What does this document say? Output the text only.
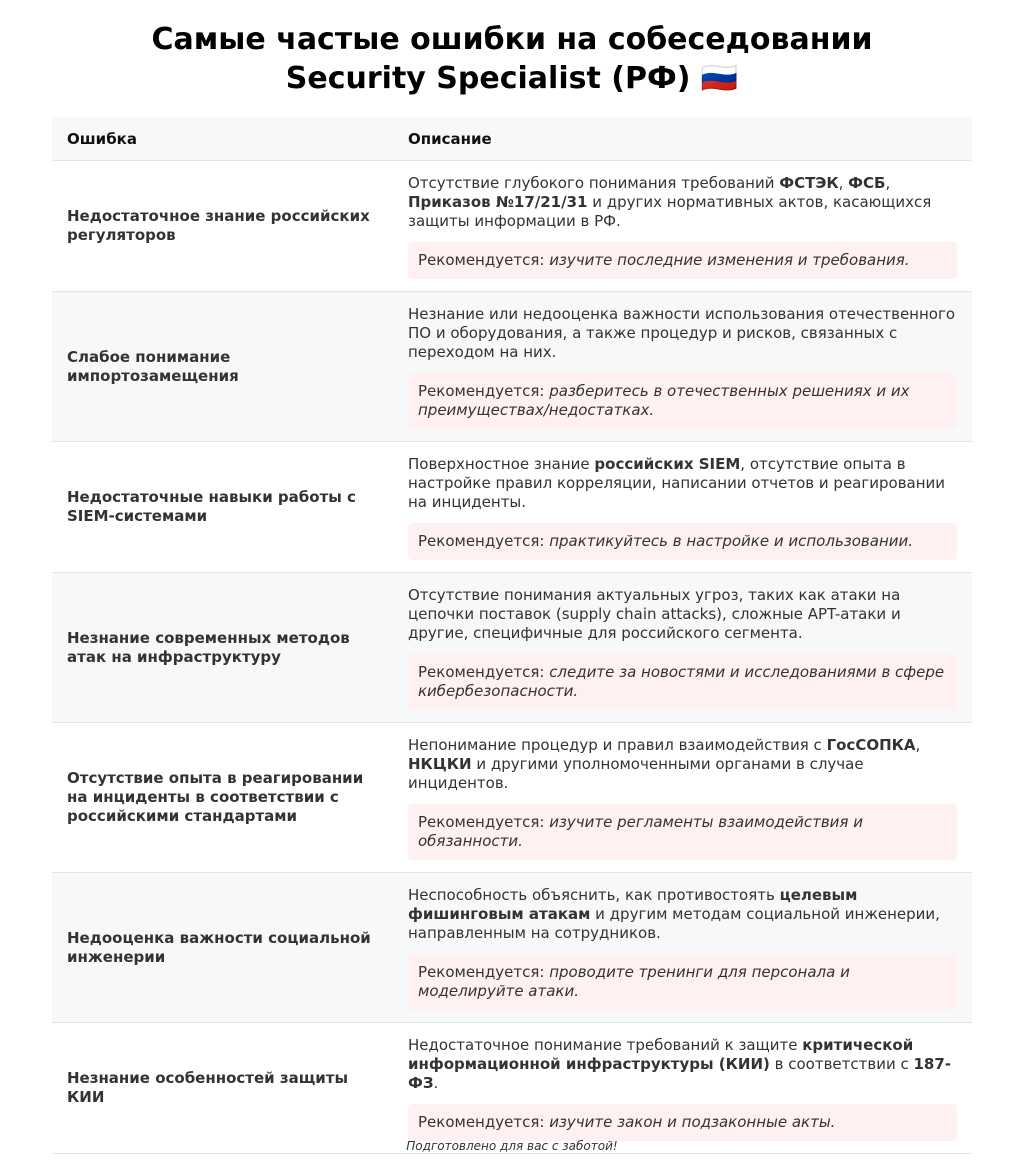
Самые частые ошибки на собеседовании
Security Specialist (РФ) 🇷🇺
Ошибка	Описание
Недостаточное знание российских регуляторов	Отсутствие глубокого понимания требований ФСТЭК, ФСБ, Приказов №17/21/31 и других нормативных актов, касающихся защиты информации в РФ.
Рекомендуется: изучите последние изменения и требования.

Слабое понимание импортозамещения	Незнание или недооценка важности использования отечественного ПО и оборудования, а также процедур и рисков, связанных с переходом на них.
Рекомендуется: разберитесь в отечественных решениях и их преимуществах/недостатках.

Недостаточные навыки работы с SIEM-системами	Поверхностное знание российских SIEM, отсутствие опыта в настройке правил корреляции, написании отчетов и реагировании на инциденты.
Рекомендуется: практикуйтесь в настройке и использовании.

Незнание современных методов атак на инфраструктуру	Отсутствие понимания актуальных угроз, таких как атаки на цепочки поставок (supply chain attacks), сложные APT-атаки и другие, специфичные для российского сегмента.
Рекомендуется: следите за новостями и исследованиями в сфере кибербезопасности.

Отсутствие опыта в реагировании на инциденты в соответствии с российскими стандартами	Непонимание процедур и правил взаимодействия с ГосСОПКА, НКЦКИ и другими уполномоченными органами в случае инцидентов.
Рекомендуется: изучите регламенты взаимодействия и обязанности.

Недооценка важности социальной инженерии	Неспособность объяснить, как противостоять целевым фишинговым атакам и другим методам социальной инженерии, направленным на сотрудников.
Рекомендуется: проводите тренинги для персонала и моделируйте атаки.

Незнание особенностей защиты КИИ	Недостаточное понимание требований к защите критической информационной инфраструктуры (КИИ) в соответствии с 187-ФЗ.
Рекомендуется: изучите закон и подзаконные акты.
Подготовлено для вас с заботой!
